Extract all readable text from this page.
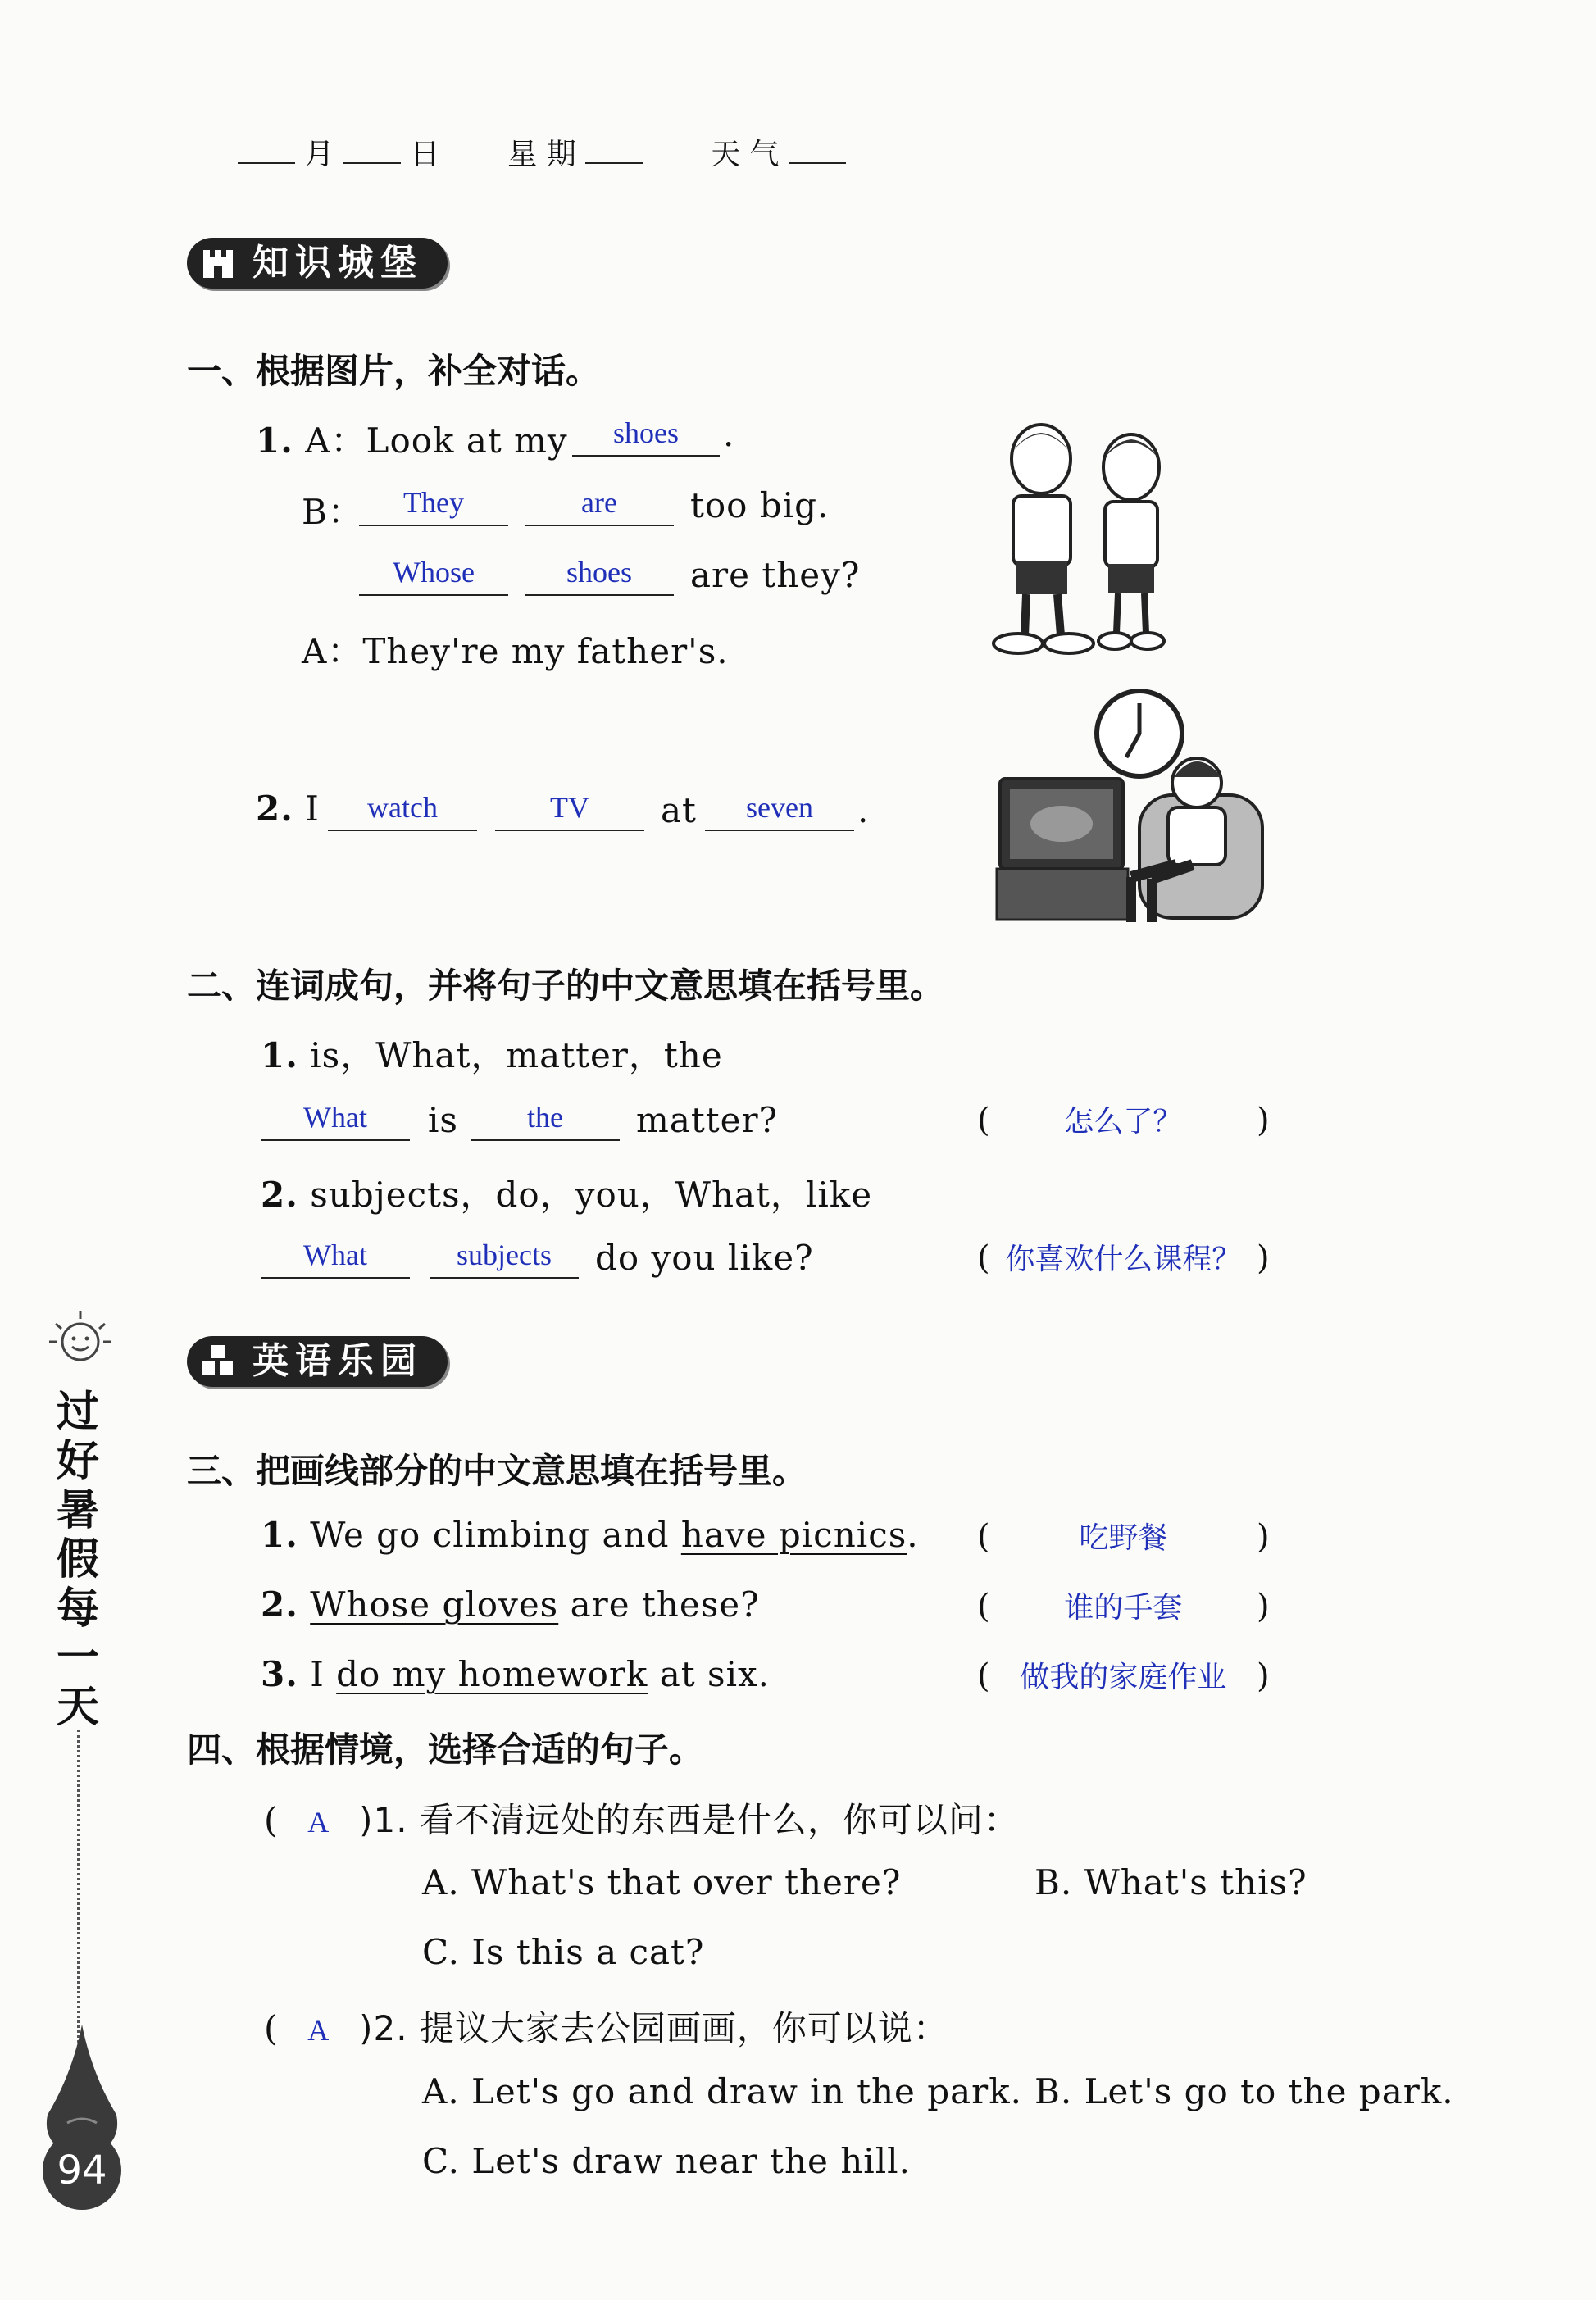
月	日 星 期	天 气
知识城堡
一、根据图片，补全对话。
1. A：Look at my	shoes	.
B：	They	are	too big.
Whose	shoes	are they?
A：They're my father's.
2. I	watch	TV	at	seven	.
二、连词成句，并将句子的中文意思填在括号里。
1. is，What，matter，the
What	is	the	matter?	(	怎么了？ )
2. subjects，do，you，What，like
What	subjects	do you like?	( 你喜欢什么课程？ )
英语乐园
三、把画线部分的中文意思填在括号里。
1. We go climbing and have picnics. (	吃野餐	)
2. Whose gloves are these?	(	谁的手套 )
3. I do my homework at six.	( 做我的家庭作业 )
四、根据情境，选择合适的句子。
( A )1. 看不清远处的东西是什么，你可以问：
A. What's that over there?	B. What's this?
C. Is this a cat?
( A )2. 提议大家去公园画画，你可以说：
A. Let's go and draw in the park. B. Let's go to the park.
C. Let's draw near the hill.
过
好
暑
假
每
一
天
94
